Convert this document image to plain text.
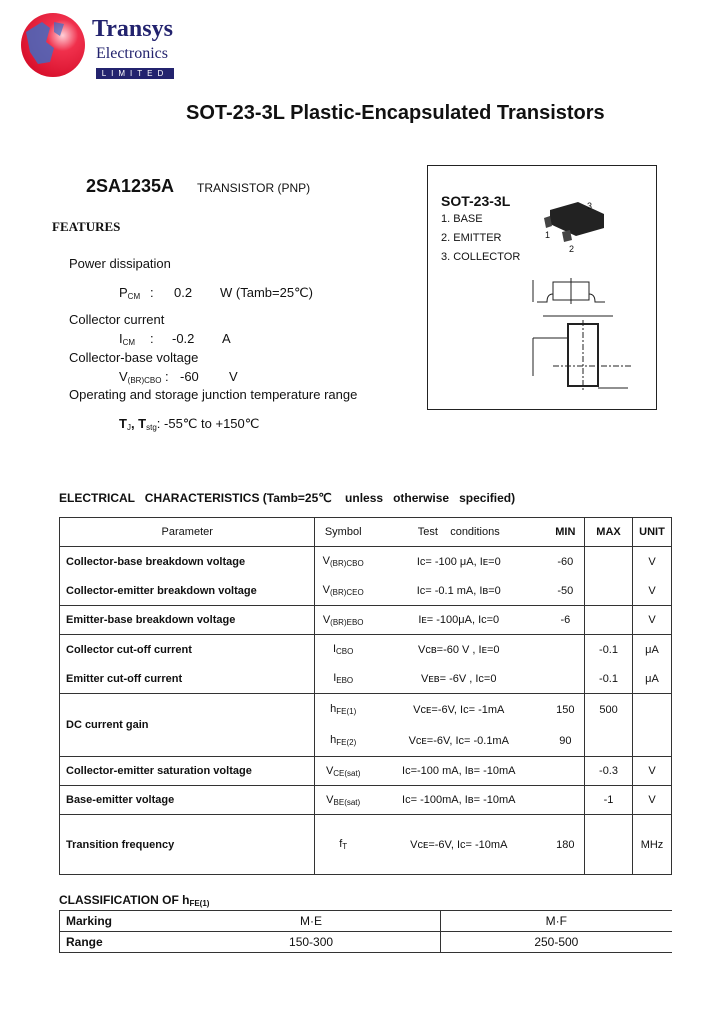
Transys
Electronics
LIMITED
SOT-23-3L Plastic-Encapsulated Transistors
2SA1235A TRANSISTOR (PNP)
FEATURES
Power dissipation
$P_{CM}$ : 0.2 W (Tamb=25℃)
Collector current
$I_{CM}$ : -0.2 A
Collector-base voltage
$V_{(BR)CBO}$ : -60 V
Operating and storage junction temperature range
$T_J$, $T_{stg}$: -55℃ to +150℃
SOT-23-3L
1. BASE
2. EMITTER
3. COLLECTOR
3
1
2
ELECTRICAL   CHARACTERISTICS (Tamb=25℃    unless   otherwise   specified)
Parameter	Symbol	Test    conditions	MIN	MAX	UNIT
Collector-base breakdown voltage	$V_{(BR)CBO}$	Iᴄ= -100 μA, Iᴇ=0	-60		V
Collector-emitter breakdown voltage	$V_{(BR)CEO}$	Iᴄ= -0.1 mA, Iʙ=0	-50		V
Emitter-base breakdown voltage	$V_{(BR)EBO}$	Iᴇ= -100μA, Iᴄ=0	-6		V
Collector cut-off current	$I_{CBO}$	Vᴄʙ=-60 V , Iᴇ=0		-0.1	μA
Emitter cut-off current	$I_{EBO}$	Vᴇʙ= -6V , Iᴄ=0		-0.1	μA
DC current gain	$h_{FE(1)}$	Vᴄᴇ=-6V, Iᴄ= -1mA	150	500	
	$h_{FE(2)}$	Vᴄᴇ=-6V, Iᴄ= -0.1mA	90		
Collector-emitter saturation voltage	$V_{CE(sat)}$	Iᴄ=-100 mA, Iʙ= -10mA		-0.3	V
Base-emitter voltage	$V_{BE(sat)}$	Iᴄ= -100mA, Iʙ= -10mA		-1	V
Transition frequency	$f_T$	Vᴄᴇ=-6V, Iᴄ= -10mA	180		MHz
CLASSIFICATION OF $h_{FE(1)}$
Marking	M·E	M·F
Range	150-300	250-500
